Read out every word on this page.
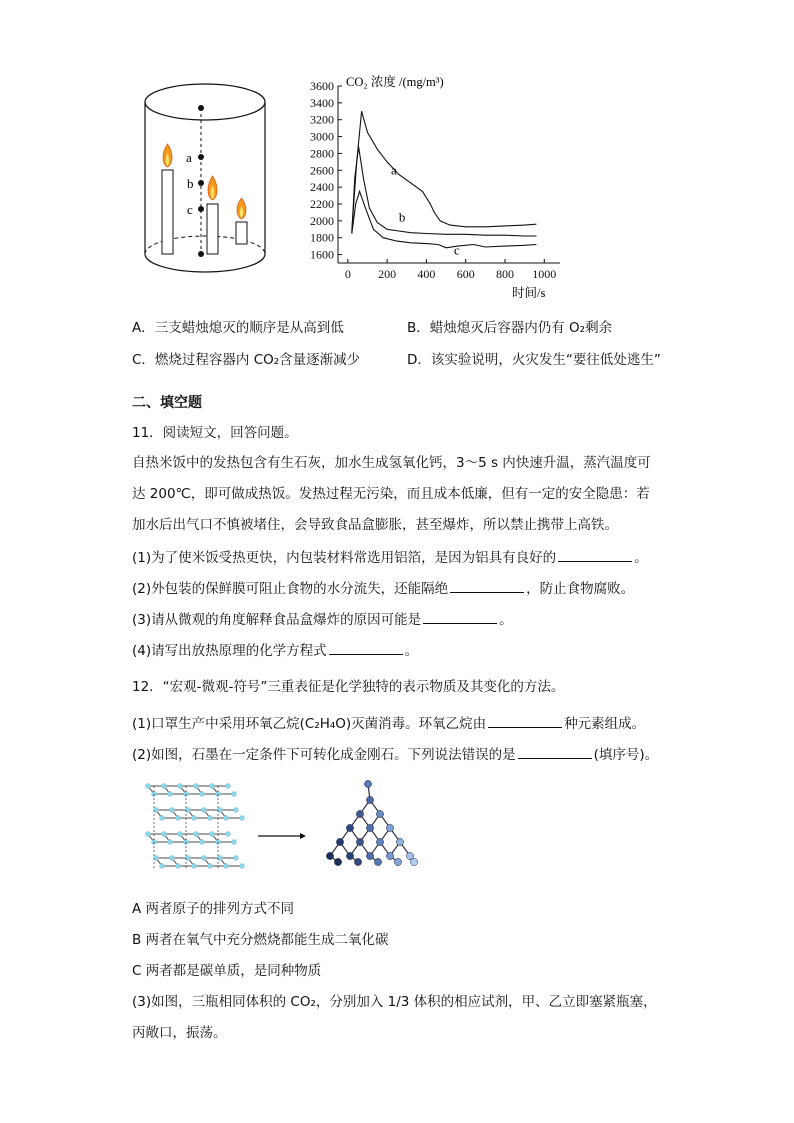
a
b
c
1600
1800
2000
2200
2400
2600
2800
3000
3200
3400
3600
0 200 400 600 800 1000
a
b
c
CO₂ 浓度 /(mg/m³)
时间/s
A．三支蜡烛熄灭的顺序是从高到低	B．蜡烛熄灭后容器内仍有 O₂剩余
C．燃烧过程容器内 CO₂含量逐渐减少	D．该实验说明，火灾发生“要往低处逃生”
二、填空题
11．阅读短文，回答问题。
自热米饭中的发热包含有生石灰，加水生成氢氧化钙，3～5 s 内快速升温，蒸汽温度可
达 200℃，即可做成热饭。发热过程无污染，而且成本低廉，但有一定的安全隐患：若
加水后出气口不慎被堵住，会导致食品盒膨胀，甚至爆炸，所以禁止携带上高铁。
(1)为了使米饭受热更快，内包装材料常选用铝箔，是因为铝具有良好的	。
(2)外包装的保鲜膜可阻止食物的水分流失，还能隔绝	，防止食物腐败。
(3)请从微观的角度解释食品盒爆炸的原因可能是	。
(4)请写出放热原理的化学方程式	。
12．“宏观-微观-符号”三重表征是化学独特的表示物质及其变化的方法。
(1)口罩生产中采用环氧乙烷(C₂H₄O)灭菌消毒。环氧乙烷由	种元素组成。
(2)如图，石墨在一定条件下可转化成金刚石。下列说法错误的是	(填序号)。
A 两者原子的排列方式不同
B 两者在氧气中充分燃烧都能生成二氧化碳
C 两者都是碳单质，是同种物质
(3)如图，三瓶相同体积的 CO₂，分别加入 1/3 体积的相应试剂，甲、乙立即塞紧瓶塞，
丙敞口，振荡。
